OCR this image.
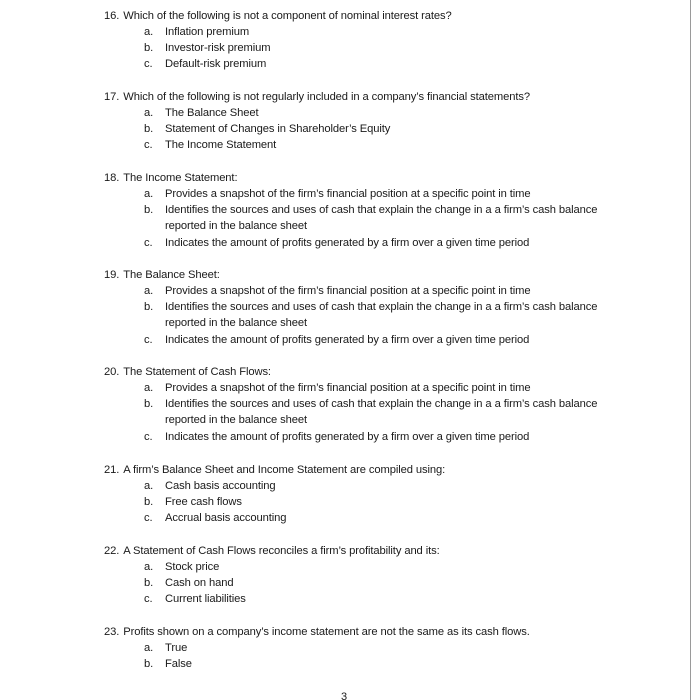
16. Which of the following is not a component of nominal interest rates?
a.	Inflation premium
b.	Investor-risk premium
c.	Default-risk premium
17. Which of the following is not regularly included in a company’s financial statements?
a.	The Balance Sheet
b.	Statement of Changes in Shareholder’s Equity
c.	The Income Statement
18. The Income Statement:
a.	Provides a snapshot of the firm’s financial position at a specific point in time
b.	Identifies the sources and uses of cash that explain the change in a a firm’s cash balance reported in the balance sheet
c.	Indicates the amount of profits generated by a firm over a given time period
19. The Balance Sheet:
a.	Provides a snapshot of the firm’s financial position at a specific point in time
b.	Identifies the sources and uses of cash that explain the change in a a firm’s cash balance reported in the balance sheet
c.	Indicates the amount of profits generated by a firm over a given time period
20. The Statement of Cash Flows:
a.	Provides a snapshot of the firm’s financial position at a specific point in time
b.	Identifies the sources and uses of cash that explain the change in a a firm’s cash balance reported in the balance sheet
c.	Indicates the amount of profits generated by a firm over a given time period
21. A firm’s Balance Sheet and Income Statement are compiled using:
a.	Cash basis accounting
b.	Free cash flows
c.	Accrual basis accounting
22. A Statement of Cash Flows reconciles a firm’s profitability and its:
a.	Stock price
b.	Cash on hand
c.	Current liabilities
23. Profits shown on a company’s income statement are not the same as its cash flows.
a.	True
b.	False
3
